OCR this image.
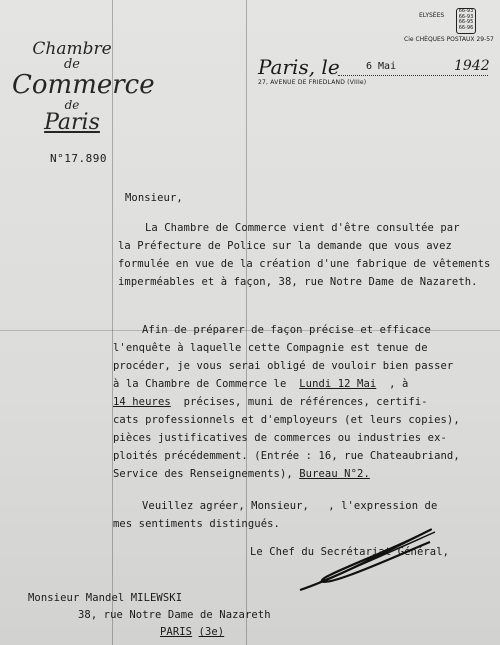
Chambre
de
Commerce
de
Paris
N°17.890
ELYSÉES
66-93
66-93
66-95
66-96
Cie CHÈQUES POSTAUX 29-57
Paris, le	6 Mai	1942
27, AVENUE DE FRIEDLAND (VIIIe)
Monsieur,
La Chambre de Commerce vient d'être consultée par
la Préfecture de Police sur la demande que vous avez
formulée en vue de la création d'une fabrique de vêtements
imperméables et à façon, 38, rue Notre Dame de Nazareth.
Afin de préparer de façon précise et efficace
l'enquête à laquelle cette Compagnie est tenue de
procéder, je vous serai obligé de vouloir bien passer
à la Chambre de Commerce le Lundi 12 Mai , à
14 heures précises, muni de références, certifi-
cats professionnels et d'employeurs (et leurs copies),
pièces justificatives de commerces ou industries ex-
ploités précédemment. (Entrée : 16, rue Chateaubriand,
Service des Renseignements), Bureau N°2.
Veuillez agréer, Monsieur,   , l'expression de
mes sentiments distingués.
Le Chef du Secrétariat Général,
Monsieur Mandel MILEWSKI
38, rue Notre Dame de Nazareth
PARIS (3e)
